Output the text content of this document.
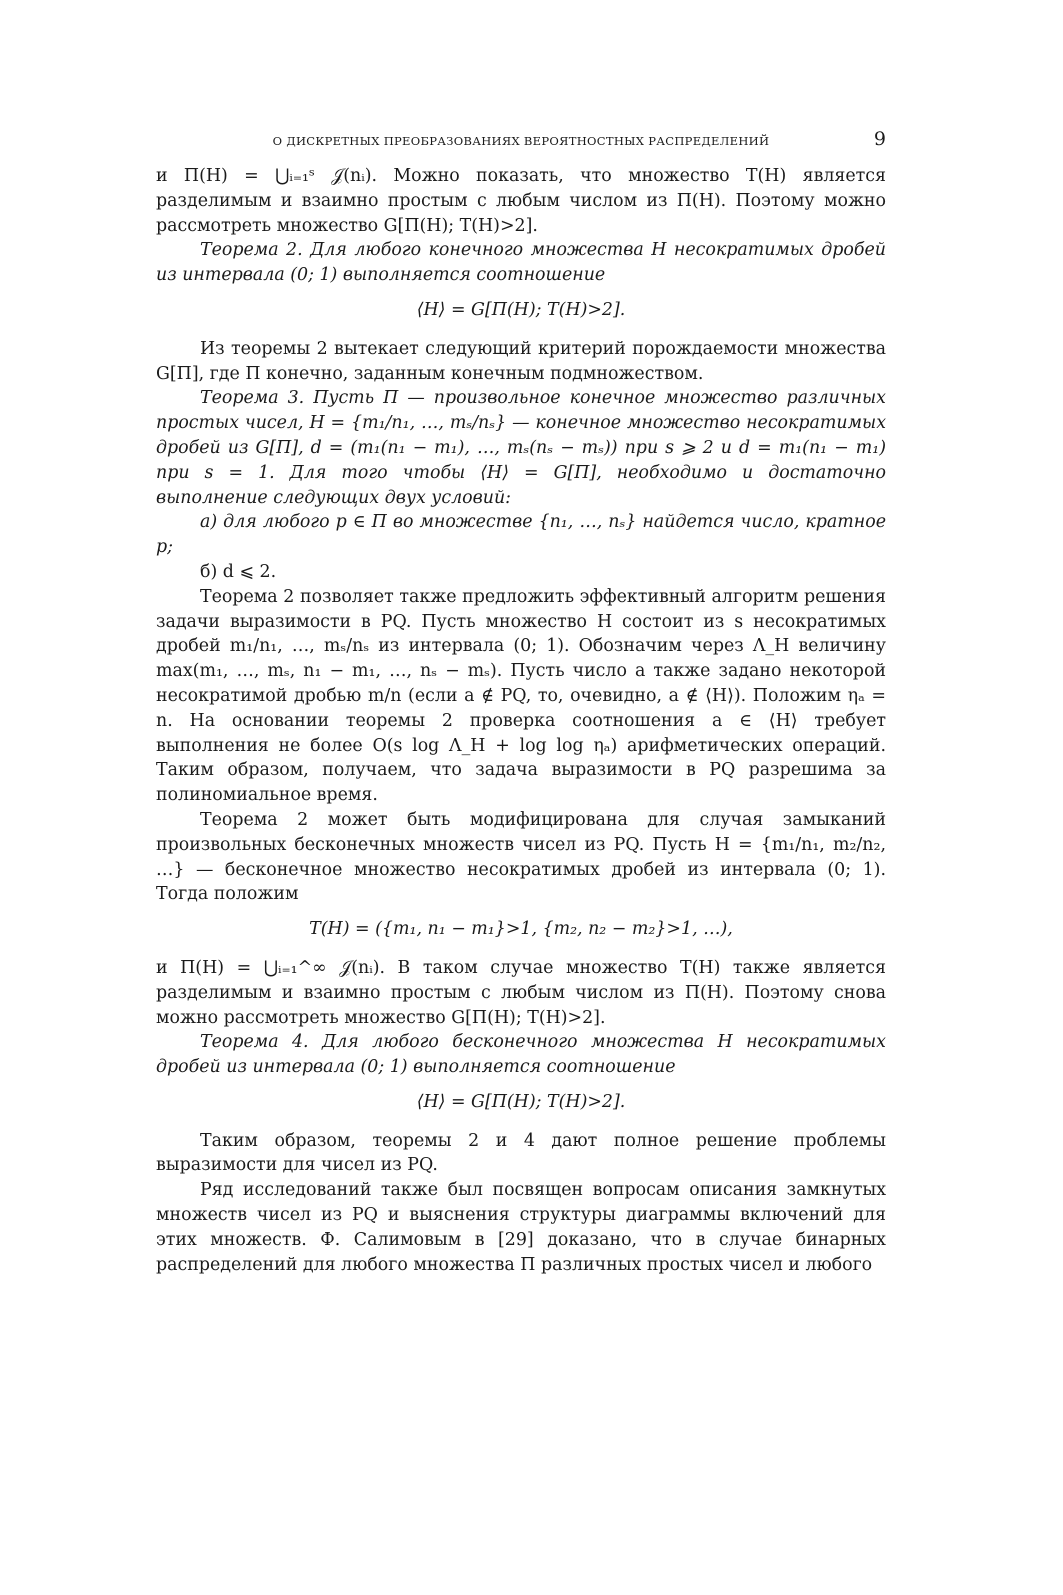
О ДИСКРЕТНЫХ ПРЕОБРАЗОВАНИЯХ ВЕРОЯТНОСТНЫХ РАСПРЕДЕЛЕНИЙ	9

и Π(H) = ⋃ᵢ₌₁ˢ 𝒥(nᵢ). Можно показать, что множество T(H) является разделимым и взаимно простым с любым числом из Π(H). Поэтому можно рассмотреть множество G[Π(H); T(H)>2].

Теорема 2. Для любого конечного множества H несократимых дробей из интервала (0; 1) выполняется соотношение

⟨H⟩ = G[Π(H); T(H)>2].

Из теоремы 2 вытекает следующий критерий порождаемости множества G[Π], где Π конечно, заданным конечным подмножеством.

Теорема 3. Пусть Π — произвольное конечное множество различных простых чисел, H = {m₁/n₁, …, mₛ/nₛ} — конечное множество несократимых дробей из G[Π], d = (m₁(n₁ − m₁), …, mₛ(nₛ − mₛ)) при s ⩾ 2 и d = m₁(n₁ − m₁) при s = 1. Для того чтобы ⟨H⟩ = G[Π], необходимо и достаточно выполнение следующих двух условий:

а) для любого p ∈ Π во множестве {n₁, …, nₛ} найдется число, кратное p;

б) d ⩽ 2.

Теорема 2 позволяет также предложить эффективный алгоритм решения задачи выразимости в PQ. Пусть множество H состоит из s несократимых дробей m₁/n₁, …, mₛ/nₛ из интервала (0; 1). Обозначим через Λ_H величину max(m₁, …, mₛ, n₁ − m₁, …, nₛ − mₛ). Пусть число a также задано некоторой несократимой дробью m/n (если a ∉ PQ, то, очевидно, a ∉ ⟨H⟩). Положим ηₐ = n. На основании теоремы 2 проверка соотношения a ∈ ⟨H⟩ требует выполнения не более O(s log Λ_H + log log ηₐ) арифметических операций. Таким образом, получаем, что задача выразимости в PQ разрешима за полиномиальное время.

Теорема 2 может быть модифицирована для случая замыканий произвольных бесконечных множеств чисел из PQ. Пусть H = {m₁/n₁, m₂/n₂, …} — бесконечное множество несократимых дробей из интервала (0; 1). Тогда положим

T(H) = ({m₁, n₁ − m₁}>1, {m₂, n₂ − m₂}>1, …),

и Π(H) = ⋃ᵢ₌₁^∞ 𝒥(nᵢ). В таком случае множество T(H) также является разделимым и взаимно простым с любым числом из Π(H). Поэтому снова можно рассмотреть множество G[Π(H); T(H)>2].

Теорема 4. Для любого бесконечного множества H несократимых дробей из интервала (0; 1) выполняется соотношение

⟨H⟩ = G[Π(H); T(H)>2].

Таким образом, теоремы 2 и 4 дают полное решение проблемы выразимости для чисел из PQ.

Ряд исследований также был посвящен вопросам описания замкнутых множеств чисел из PQ и выяснения структуры диаграммы включений для этих множеств. Ф. Салимовым в [29] доказано, что в случае бинарных распределений для любого множества Π различных простых чисел и любого
